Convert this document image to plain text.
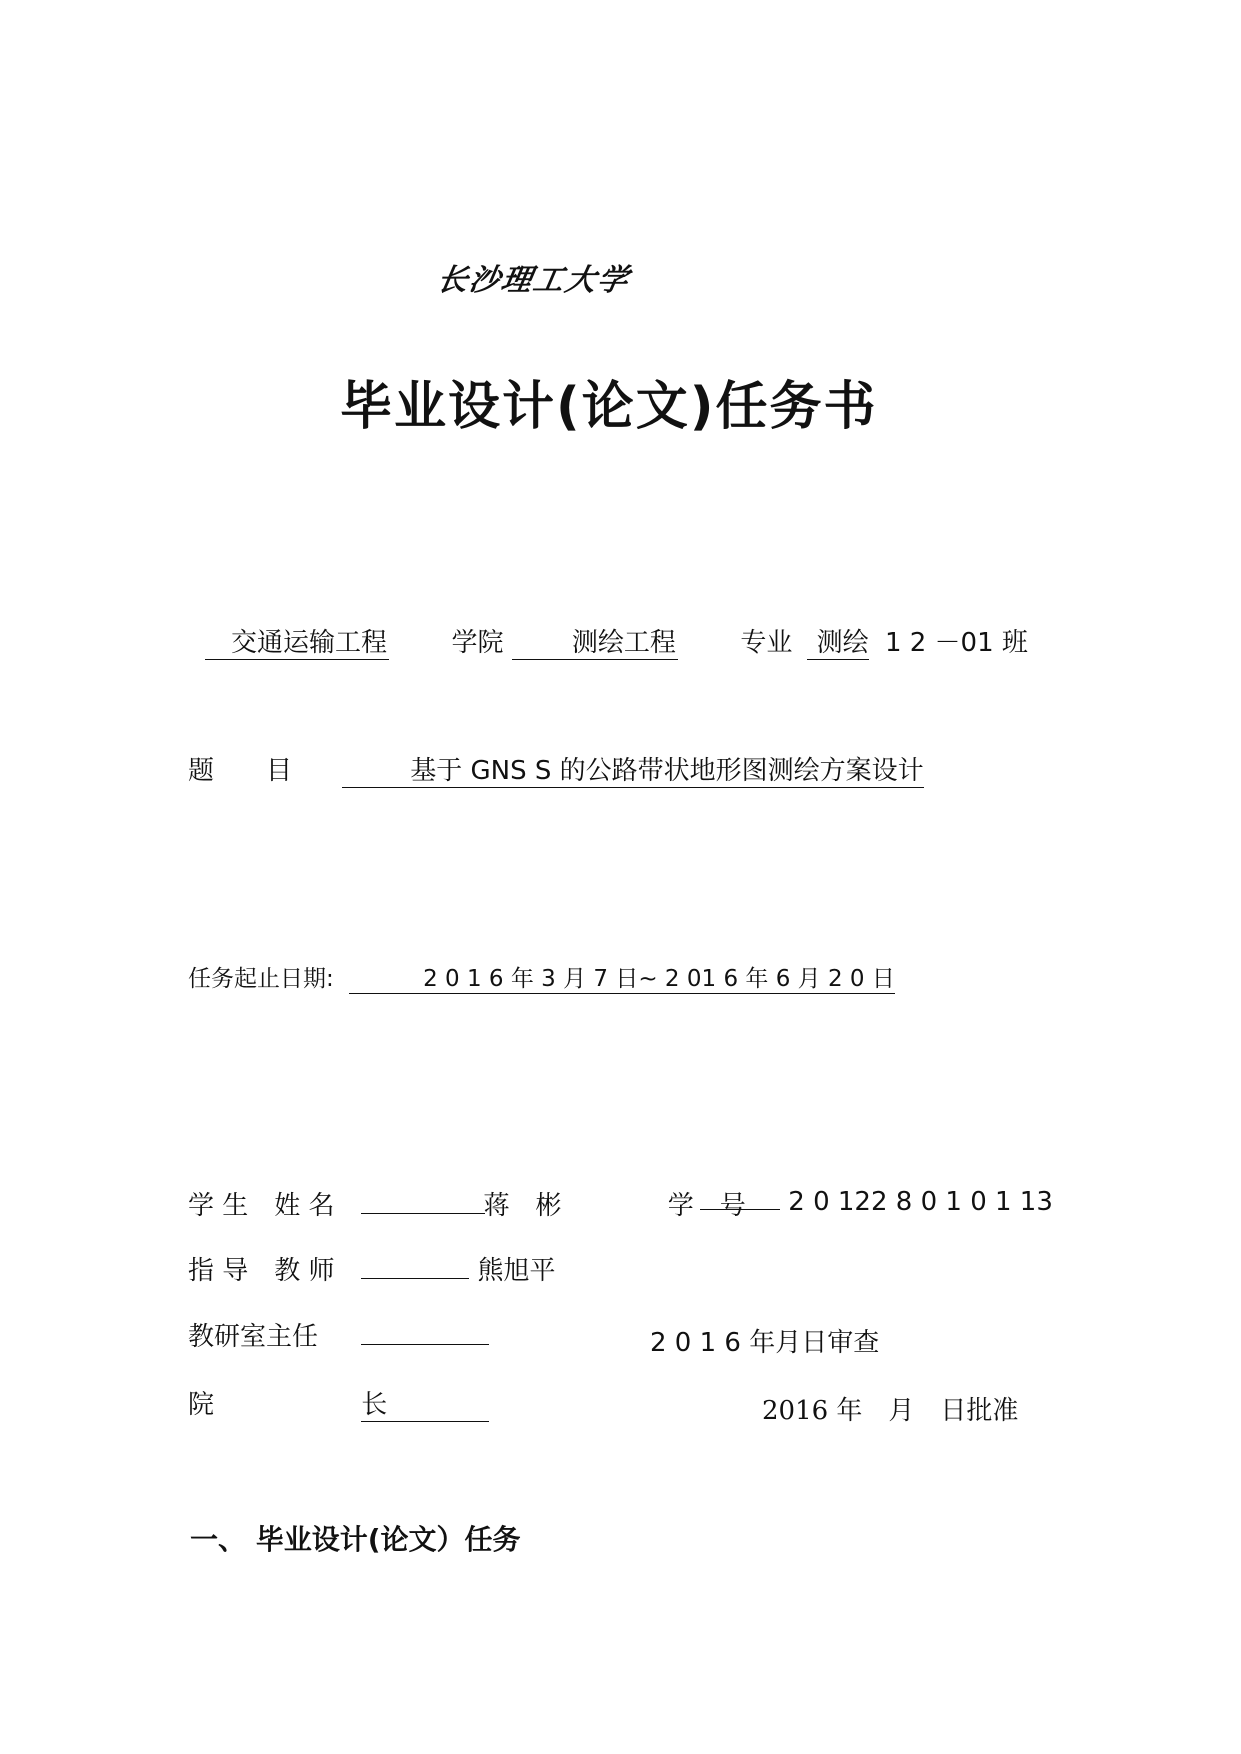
长沙理工大学
毕业设计(论文)任务书
交通运输工程 学院	测绘工程 专业 测绘 1 2 －01 班
题　　目	基于 GNS S 的公路带状地形图测绘方案设计
任务起止日期:	2 0 1 6 年 3 月 7 日~ 2 01 6 年 6 月 2 0 日
学 生　姓 名	蒋　彬	学　号	2 0 122 8 0 1 0 1 13
指 导　教 师	熊旭平
教研室主任	2 0 1 6 年月日审查
院	长	2016 年　月　日批准
一、 毕业设计(论文）任务
